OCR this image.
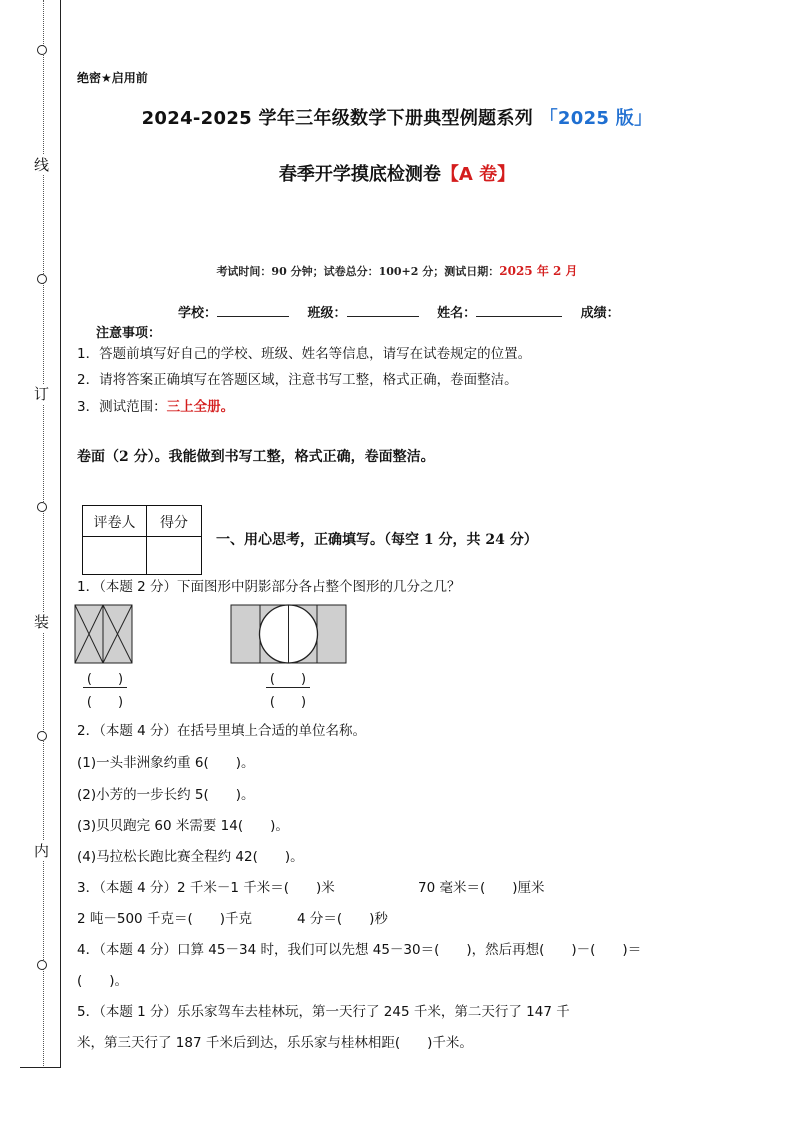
线
订
装
内
绝密★启用前
2024-2025 学年三年级数学下册典型例题系列 「2025 版」
春季开学摸底检测卷【A 卷】
考试时间：90 分钟；试卷总分：100+2 分；测试日期：2025 年 2 月
学校：	班级：	姓名：	成绩：
注意事项：
1．答题前填写好自己的学校、班级、姓名等信息，请写在试卷规定的位置。
2．请将答案正确填写在答题区域，注意书写工整，格式正确，卷面整洁。
3．测试范围：三上全册。
卷面（2 分）。我能做到书写工整，格式正确，卷面整洁。
评卷人	得分
一、用心思考，正确填写。（每空 1 分，共 24 分）
1．（本题 2 分）下面图形中阴影部分各占整个图形的几分之几？
(　　)
(　　)
(　　)
(　　)
2．（本题 4 分）在括号里填上合适的单位名称。
(1)一头非洲象约重 6(　　)。
(2)小芳的一步长约 5(　　)。
(3)贝贝跑完 60 米需要 14(　　)。
(4)马拉松长跑比赛全程约 42(　　)。
3．（本题 4 分）2 千米－1 千米＝(　　)米	70 毫米＝(　　)厘米
2 吨－500 千克＝(　　)千克	4 分＝(　　)秒
4．（本题 4 分）口算 45－34 时，我们可以先想 45－30＝(　　)，然后再想(　　)－(　　)＝
(　　)。
5．（本题 1 分）乐乐家驾车去桂林玩，第一天行了 245 千米，第二天行了 147 千
米，第三天行了 187 千米后到达，乐乐家与桂林相距(　　)千米。
